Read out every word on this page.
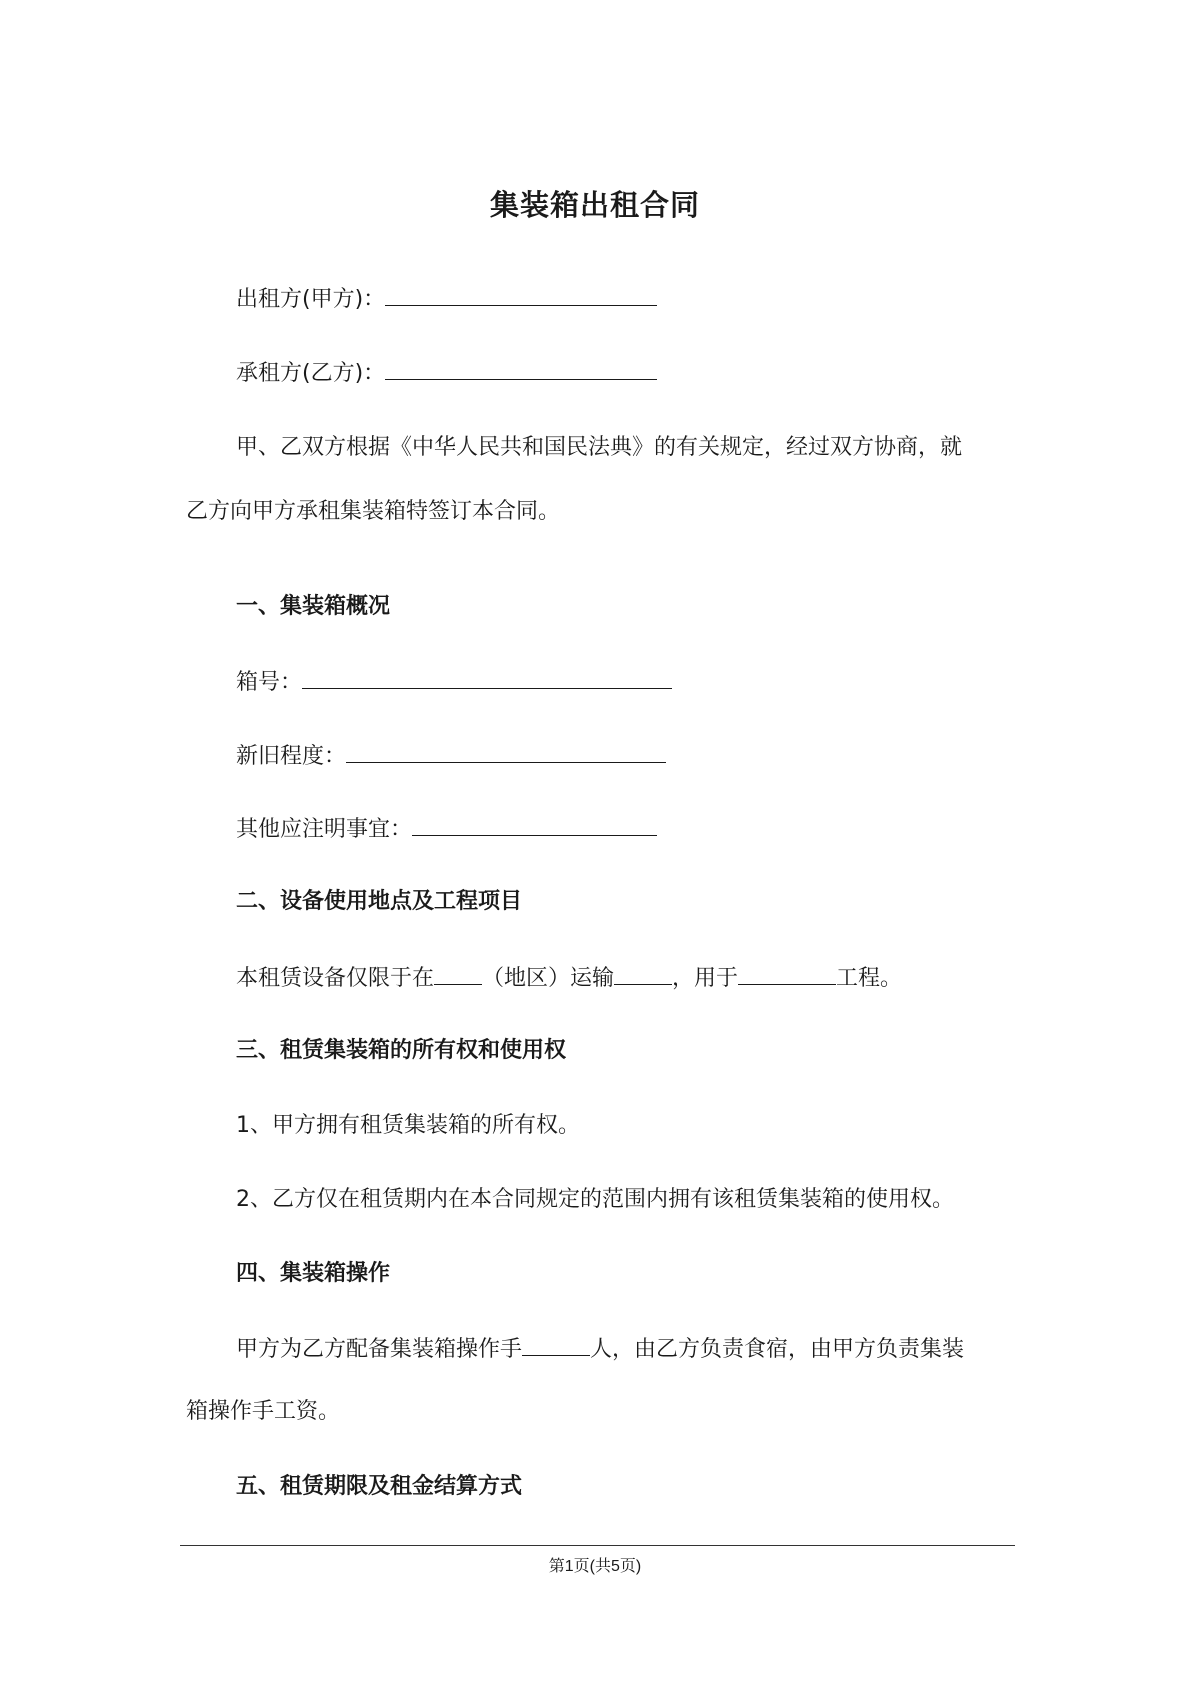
集装箱出租合同
出租方(甲方)：
承租方(乙方)：
甲、乙双方根据《中华人民共和国民法典》的有关规定，经过双方协商，就
乙方向甲方承租集装箱特签订本合同。
一、集装箱概况
箱号：
新旧程度：
其他应注明事宜：
二、设备使用地点及工程项目
本租赁设备仅限于在 （地区）运输	，用于	工程。
三、租赁集装箱的所有权和使用权
1、甲方拥有租赁集装箱的所有权。
2、乙方仅在租赁期内在本合同规定的范围内拥有该租赁集装箱的使用权。
四、集装箱操作
甲方为乙方配备集装箱操作手	人，由乙方负责食宿，由甲方负责集装
箱操作手工资。
五、租赁期限及租金结算方式
第1页(共5页)
